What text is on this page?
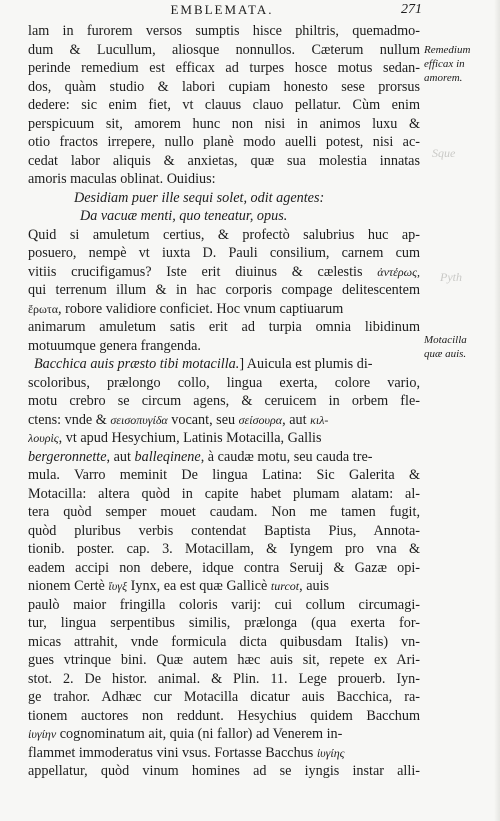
EMBLEMATA.	271
Sque
Pyth
lam in furorem versos sumptis hisce philtris, quemadmo-
dum & Lucullum, aliosque nonnullos. Cæterum nullum
perinde remedium est efficax ad turpes hosce motus sedan-
dos, quàm studio & labori cupiam honesto sese prorsus
dedere: sic enim fiet, vt clauus clauo pellatur. Cùm enim
perspicuum sit, amorem hunc non nisi in animos luxu &
otio fractos irrepere, nullo planè modo auelli potest, nisi ac-
cedat labor aliquis & anxietas, quæ sua molestia innatas
amoris maculas oblinat. Ouidius:
Desidiam puer ille sequi solet, odit agentes:
Da vacuæ menti, quo teneatur, opus.
Quid si amuletum certius, & profectò salubrius huc ap-
posuero, nempè vt iuxta D. Pauli consilium, carnem cum
vitiis crucifigamus? Iste erit diuinus & cælestis ἀντέρως,
qui terrenum illum & in hac corporis compage delitescentem
ἔρωτα, robore validiore conficiet. Hoc vnum captiuarum
animarum amuletum satis erit ad turpia omnia libidinum
motuumque genera frangenda.
Bacchica auis præsto tibi motacilla.] Auicula est plumis di-
scoloribus, prælongo collo, lingua exerta, colore vario,
motu crebro se circum agens, & ceruicem in orbem fle-
ctens: vnde & σεισοπυγίδα vocant, seu σείσουρα, aut κιλ-
λουρὶς, vt apud Hesychium, Latinis Motacilla, Gallis
bergeronnette, aut balleqinene, à caudæ motu, seu cauda tre-
mula. Varro meminit De lingua Latina: Sic Galerita &
Motacilla: altera quòd in capite habet plumam alatam: al-
tera quòd semper mouet caudam. Non me tamen fugit,
quòd pluribus verbis contendat Baptista Pius, Annota-
tionib. poster. cap. 3. Motacillam, & Iyngem pro vna &
eadem accipi non debere, idque contra Seruij & Gazæ opi-
nionem Certè ἴυγξ Iynx, ea est quæ Gallicè turcot, auis
paulò maior fringilla coloris varij: cui collum circumagi-
tur, lingua serpentibus similis, prælonga (qua exerta for-
micas attrahit, vnde formicula dicta quibusdam Italis) vn-
gues vtrinque bini. Quæ autem hæc auis sit, repete ex Ari-
stot. 2. De histor. animal. & Plin. 11. Lege prouerb. Iyn-
ge trahor. Adhæc cur Motacilla dicatur auis Bacchica, ra-
tionem auctores non reddunt. Hesychius quidem Bacchum
ἰυγίην cognominatum ait, quia (ni fallor) ad Venerem in-
flammet immoderatus vini vsus. Fortasse Bacchus ἰυγίης
appellatur, quòd vinum homines ad se iyngis instar alli-
Remedium
efficax in
amorem.
Motacilla
quæ auis.
